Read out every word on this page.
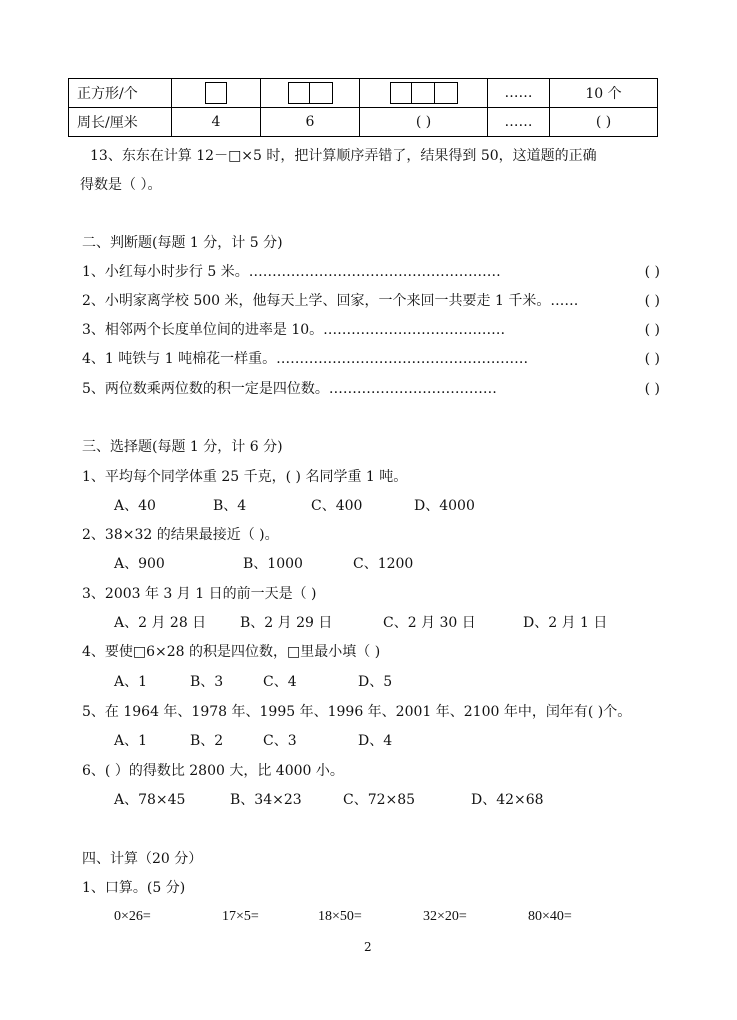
正方形/个				……	10 个
周长/厘米	4	6	( )	……	( )
13、东东在计算 12－□×5 时，把计算顺序弄错了，结果得到 50，这道题的正确
得数是（ ）。
二、判断题(每题 1 分，计 5 分)
1、小红每小时步行 5 米。………………………………………………	( )
2、小明家离学校 500 米，他每天上学、回家，一个来回一共要走 1 千米。……	( )
3、相邻两个长度单位间的进率是 10。…………………………………	( )
4、1 吨铁与 1 吨棉花一样重。………………………………………………	( )
5、两位数乘两位数的积一定是四位数。………………………………	( )
三、选择题(每题 1 分，计 6 分)
1、平均每个同学体重 25 千克，( ) 名同学重 1 吨。
A、40	B、4	C、400	D、4000
2、38×32 的结果最接近（ )。
A、900	B、1000	C、1200
3、2003 年 3 月 1 日的前一天是（ )
A、2 月 28 日 B、2 月 29 日	C、2 月 30 日	D、2 月 1 日
4、要使□6×28 的积是四位数，□里最小填（ )
A、1	B、3	C、4	D、5
5、在 1964 年、1978 年、1995 年、1996 年、2001 年、2100 年中，闰年有( )个。
A、1	B、2	C、3	D、4
6、( ）的得数比 2800 大，比 4000 小。
A、78×45	B、34×23	C、72×85	D、42×68
四、计算（20 分）
1、口算。(5 分)
0×26=	17×5=	18×50=	32×20=	80×40=
2
